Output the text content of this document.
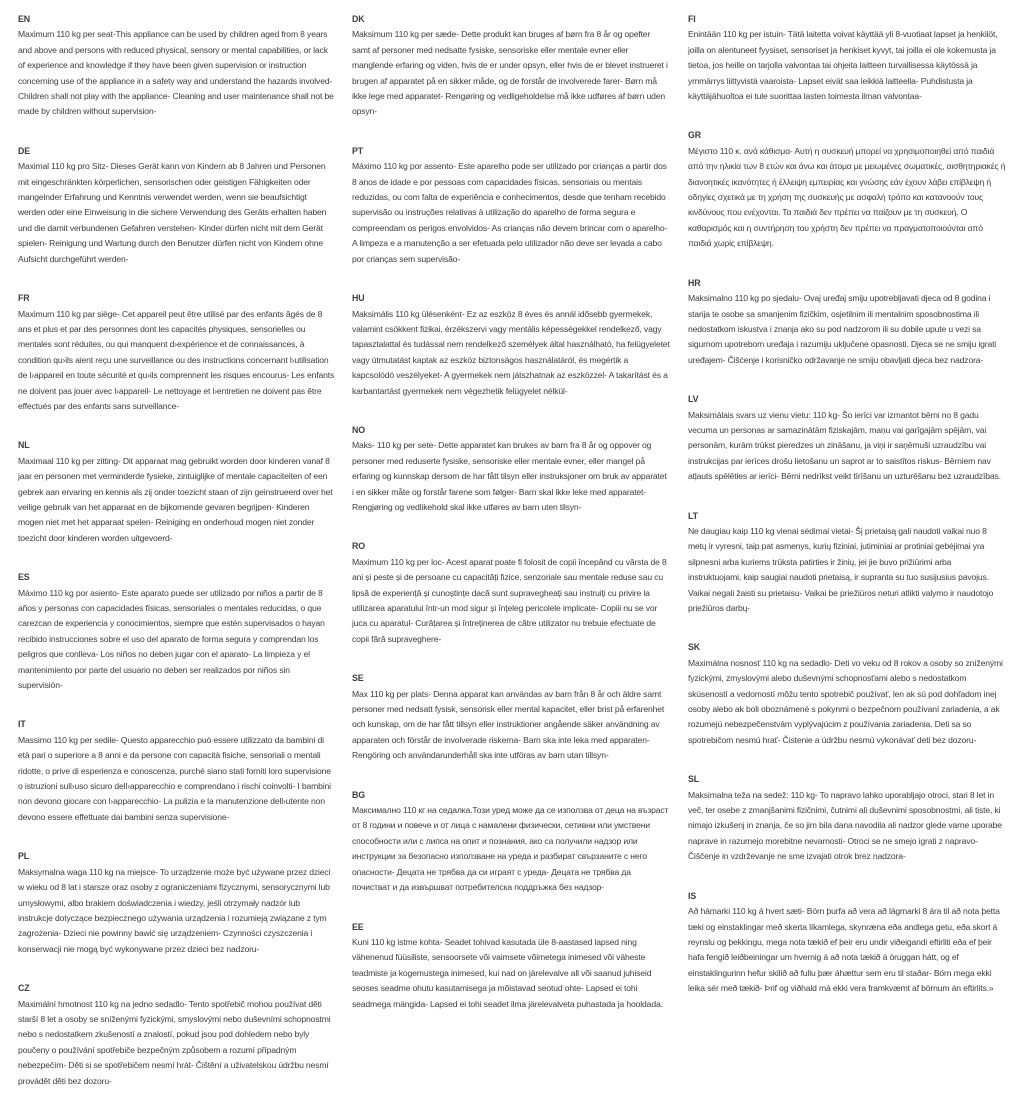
EN

Maximum 110 kg per seat-This appliance can be used by children aged from 8 years and above and persons with reduced physical, sensory or mental capabilities, or lack of experience and knowledge if they have been given supervision or instruction concerning use of the appliance in a safety way and understand the hazards involved- Children shall not play with the appliance- Cleaning and user maintenance shall not be made by children without supervision-

DE

Maximal 110 kg pro Sitz- Dieses Gerät kann von Kindern ab 8 Jahren und Personen mit eingeschränkten körperlichen, sensorischen oder geistigen Fähigkeiten oder mangelnder Erfahrung und Kenntnis verwendet werden, wenn sie beaufsichtigt werden oder eine Einweisung in die sichere Verwendung des Geräts erhalten haben und die damit verbundenen Gefahren verstehen- Kinder dürfen nicht mit dem Gerät spielen- Reinigung und Wartung durch den Benutzer dürfen nicht von Kindern ohne Aufsicht durchgeführt werden-

FR

Maximum 110 kg par siège- Cet appareil peut être utilisé par des enfants âgés de 8 ans et plus et par des personnes dont les capacités physiques, sensorielles ou mentales sont réduites, ou qui manquent d›expérience et de connaissances, à condition qu›ils aient reçu une surveillance ou des instructions concernant l›utilisation de l›appareil en toute sécurité et qu›ils comprennent les risques encourus- Les enfants ne doivent pas jouer avec l›appareil- Le nettoyage et l›entretien ne doivent pas être effectués par des enfants sans surveillance-

NL

Maximaal 110 kg per zitting- Dit apparaat mag gebruikt worden door kinderen vanaf 8 jaar en personen met verminderde fysieke, zintuiglijke of mentale capaciteiten of een gebrek aan ervaring en kennis als zij onder toezicht staan of zijn geinstrueerd over het veilige gebruik van het apparaat en de bijkomende gevaren begrijpen- Kinderen mogen niet met het apparaat spelen- Reiniging en onderhoud mogen niet zonder toezicht door kinderen worden uitgevoerd-

ES

Máximo 110 kg por asiento- Este aparato puede ser utilizado por niños a partir de 8 años y personas con capacidades físicas, sensoriales o mentales reducidas, o que carezcan de experiencia y conocimientos, siempre que estén supervisados o hayan recibido instrucciones sobre el uso del aparato de forma segura y comprendan los peligros que conlleva- Los niños no deben jugar con el aparato- La limpieza y el mantenimiento por parte del usuario no deben ser realizados por niños sin supervisión-

IT

Massimo 110 kg per sedile- Questo apparecchio può essere utilizzato da bambini di età pari o superiore a 8 anni e da persone con capacità fisiche, sensoriali o mentali ridotte, o prive di esperienza e conoscenza, purché siano stati forniti loro supervisione o istruzioni sull›uso sicuro dell›apparecchio e comprendano i rischi coinvolti- I bambini non devono giocare con l›apparecchio- La pulizia e la manutenzione dell›utente non devono essere effettuate dai bambini senza supervisione-

PL

Maksymalna waga 110 kg na miejsce- To urządzenie może być używane przez dzieci w wieku od 8 lat i starsze oraz osoby z ograniczeniami fizycznymi, sensorycznymi lub umysłowymi, albo brakiem doświadczenia i wiedzy, jeśli otrzymały nadzór lub instrukcje dotyczące bezpiecznego używania urządzenia i rozumieją związane z tym zagrożenia- Dzieci nie powinny bawić się urządzeniem- Czynności czyszczenia i konserwacji nie mogą być wykonywane przez dzieci bez nadzoru-

CZ

Maximální hmotnost 110 kg na jedno sedadlo- Tento spotřebič mohou používat děti starší 8 let a osoby se sníženými fyzickými, smyslovými nebo duševními schopnostmi nebo s nedostatkem zkušeností a znalostí, pokud jsou pod dohledem nebo byly poučeny o používání spotřebiče bezpečným způsobem a rozumí případným nebezpečím- Děti si se spotřebičem nesmí hrát- Čištění a uživatelskou údržbu nesmí provádět děti bez dozoru-

DK

Maksimum 110 kg per sæde- Dette produkt kan bruges af børn fra 8 år og opefter samt af personer med nedsatte fysiske, sensoriske eller mentale evner eller manglende erfaring og viden, hvis de er under opsyn, eller hvis de er blevet instrueret i brugen af apparatet på en sikker måde, og de forstår de involverede farer- Børn må ikke lege med apparatet- Rengøring og vedligeholdelse må ikke udføres af børn uden opsyn-

PT

Máximo 110 kg por assento- Este aparelho pode ser utilizado por crianças a partir dos 8 anos de idade e por pessoas com capacidades físicas, sensoriais ou mentais reduzidas, ou com falta de experiência e conhecimentos, desde que tenham recebido supervisão ou instruções relativas à utilização do aparelho de forma segura e compreendam os perigos envolvidos- As crianças não devem brincar com o aparelho- A limpeza e a manutenção a ser efetuada pelo utilizador não deve ser levada a cabo por crianças sem supervisão-

HU

Maksimális 110 kg ülésenként- Ez az eszköz 8 éves és annál idősebb gyermekek, valamint csökkent fizikai, érzékszervi vagy mentális képességekkel rendelkező, vagy tapasztalattal és tudással nem rendelkező személyek által használható, ha felügyeletet vagy útmutatást kaptak az eszköz biztonságos használatáról, és megértik a kapcsolódó veszélyeket- A gyermekek nem játszhatnak az eszközzel- A takarítást és a karbantartást gyermekek nem végezhetik felügyelet nélkül-

NO

Maks- 110 kg per sete- Dette apparatet kan brukes av barn fra 8 år og oppover og personer med reduserte fysiske, sensoriske eller mentale evner, eller mangel på erfaring og kunnskap dersom de har fått tilsyn eller instruksjoner om bruk av apparatet i en sikker måte og forstår farene som følger- Barn skal ikke leke med apparatet- Rengjøring og vedlikehold skal ikke utføres av barn uten tilsyn-

RO

Maximum 110 kg per loc- Acest aparat poate fi folosit de copii începând cu vârsta de 8 ani și peste și de persoane cu capacități fizice, senzoriale sau mentale reduse sau cu lipsă de experiență și cunoștințe dacă sunt supravegheați sau instruiți cu privire la utilizarea aparatului într-un mod sigur și înțeleg pericolele implicate- Copiii nu se vor juca cu aparatul- Curățarea și întreținerea de către utilizator nu trebuie efectuate de copii fără supraveghere-

SE

Max 110 kg per plats- Denna apparat kan användas av barn från 8 år och äldre samt personer med nedsatt fysisk, sensorisk eller mental kapacitet, eller brist på erfarenhet och kunskap, om de har fått tillsyn eller instruktioner angående säker användning av apparaten och förstår de involverade riskerna- Barn ska inte leka med apparaten- Rengöring och användarunderhåll ska inte utföras av barn utan tillsyn-

BG

Максимално 110 кг на седалка.Този уред може да се използва от деца на възраст от 8 години и повече и от лица с намалени физически, сетивни или умствени способности или с липса на опит и познания, ако са получили надзор или инструкции за безопасно използване на уреда и разбират свързаните с него опасности- Децата не трябва да си играят с уреда- Децата не трябва да почистват и да извършват потребителска поддръжка без надзор-

EE

Kuni 110 kg istme kohta- Seadet tohivad kasutada üle 8-aastased lapsed ning vähenenud füüsiliste, sensoorsete või vaimsete võimetega inimesed või väheste teadmiste ja kogemustega inimesed, kui nad on järelevalve all või saanud juhiseid seoses seadme ohutu kasutamisega ja mõistavad seotud ohte- Lapsed ei tohi seadmega mängida- Lapsed ei tohi seadet ilma järelevalveta puhastada ja hooldada.

FI

Enintään 110 kg per istuin- Tätä laitetta voivat käyttää yli 8-vuotiaat lapset ja henkilöt, joilla on alentuneet fyysiset, sensoriset ja henkiset kyvyt, tai joilla ei ole kokemusta ja tietoa, jos heille on tarjolla valvontaa tai ohjeita laitteen turvallisessa käytössä ja ymmärrys liittyvistä vaaroista- Lapset eivät saa leikkiä laitteella- Puhdistusta ja käyttäjähuoltoa ei tule suorittaa lasten toimesta ilman valvontaa-

GR

Μέγιστο 110 κ. ανά κάθισμα- Αυτή η συσκευή μπορεί να χρησιμοποιηθεί από παιδιά από την ηλικία των 8 ετών και άνω και άτομα με μειωμένες σωματικές, αισθητηριακές ή διανοητικές ικανότητες ή έλλειψη εμπειρίας και γνώσης εάν έχουν λάβει επίβλεψη ή οδηγίες σχετικά με τη χρήση της συσκευής με ασφαλή τρόπο και κατανοούν τους κινδύνους που ενέχονται. Τα παιδιά δεν πρέπει να παίζουν με τη συσκευή. Ο καθαρισμός και η συντήρηση του χρήστη δεν πρέπει να πραγματοποιούνται από παιδιά χωρίς επίβλεψη.

HR

Maksimalno 110 kg po sjedalu- Ovaj uređaj smiju upotrebljavati djeca od 8 godina i starija te osobe sa smanjenim fizičkim, osjetilnim ili mentalnim sposobnostima ili nedostatkom iskustva i znanja ako su pod nadzorom ili su dobile upute u vezi sa sigurnom upotrebom uređaja i razumiju uključene opasnosti. Djeca se ne smiju igrati uređajem- Čišćenje i korisničko održavanje ne smiju obavljati djeca bez nadzora-

LV

Maksimālais svars uz vienu vietu: 110 kg- Šo ierīci var izmantot bērni no 8 gadu vecuma un personas ar samazinātām fiziskajām, maņu vai garīgajām spējām, vai personām, kurām trūkst pieredzes un zināšanu, ja viņi ir saņēmuši uzraudzību vai instrukcijas par ierīces drošu lietošanu un saprot ar to saistītos riskus- Bērniem nav atļauts spēlēties ar ierīci- Bērni nedrīkst veikt tīrīšanu un uzturēšanu bez uzraudzības.

LT

Ne daugiau kaip 110 kg vienai sėdimai vietai- Šį prietaisą gali naudoti vaikai nuo 8 metų ir vyresni, taip pat asmenys, kurių fiziniai, jutiminiai ar protiniai gebėjimai yra silpnesni arba kuriems trūksta patirties ir žinių, jei jie buvo prižiūrimi arba instruktuojami, kaip saugiai naudoti prietaisą, ir supranta su tuo susijusius pavojus. Vaikai negali žaisti su prietaisu- Vaikai be priežiūros neturi atlikti valymo ir naudotojo priežiūros darbų-

SK

Maximálna nosnosť 110 kg na sedadlo- Deti vo veku od 8 rokov a osoby so zníženými fyzickými, zmyslovými alebo duševnými schopnosťami alebo s nedostatkom skúseností a vedomostí môžu tento spotrebič používať, len ak sú pod dohľadom inej osoby alebo ak boli oboznámené s pokynmi o bezpečnom používaní zariadenia, a ak rozumejú nebezpečenstvám vyplývajúcim z používania zariadenia. Deti sa so spotrebičom nesmú hrať- Čistenie a údržbu nesmú vykonávať deti bez dozoru-

SL

Maksimalna teža na sedež: 110 kg- To napravo lahko uporabljajo otroci, stari 8 let in več, ter osebe z zmanjšanimi fizičnimi, čutnimi ali duševnimi sposobnostmi, ali tiste, ki nimajo izkušenj in znanja, če so jim bila dana navodila ali nadzor glede varne uporabe naprave in razumejo morebitne nevarnosti- Otroci se ne smejo igrati z napravo- Čiščenje in vzdrževanje ne sme izvajati otrok brez nadzora-

IS

Að hámarki 110 kg á hvert sæti- Börn þurfa að vera að lágmarki 8 ára til að nota þetta tæki og einstaklingar með skerta líkamlega, skynræna eða andlega getu, eða skort á reynslu og þekkingu, mega nota tækið ef þeir eru undir viðeigandi eftirliti eða ef þeir hafa fengið leiðbeiningar um hvernig á að nota tækið á öruggan hátt, og ef einstaklingurinn hefur skilið að fullu þær áhættur sem eru til staðar- Börn mega ekki leika sér með tækið- Þrif og viðhald má ekki vera framkvæmt af börnum án eftirlits.»
